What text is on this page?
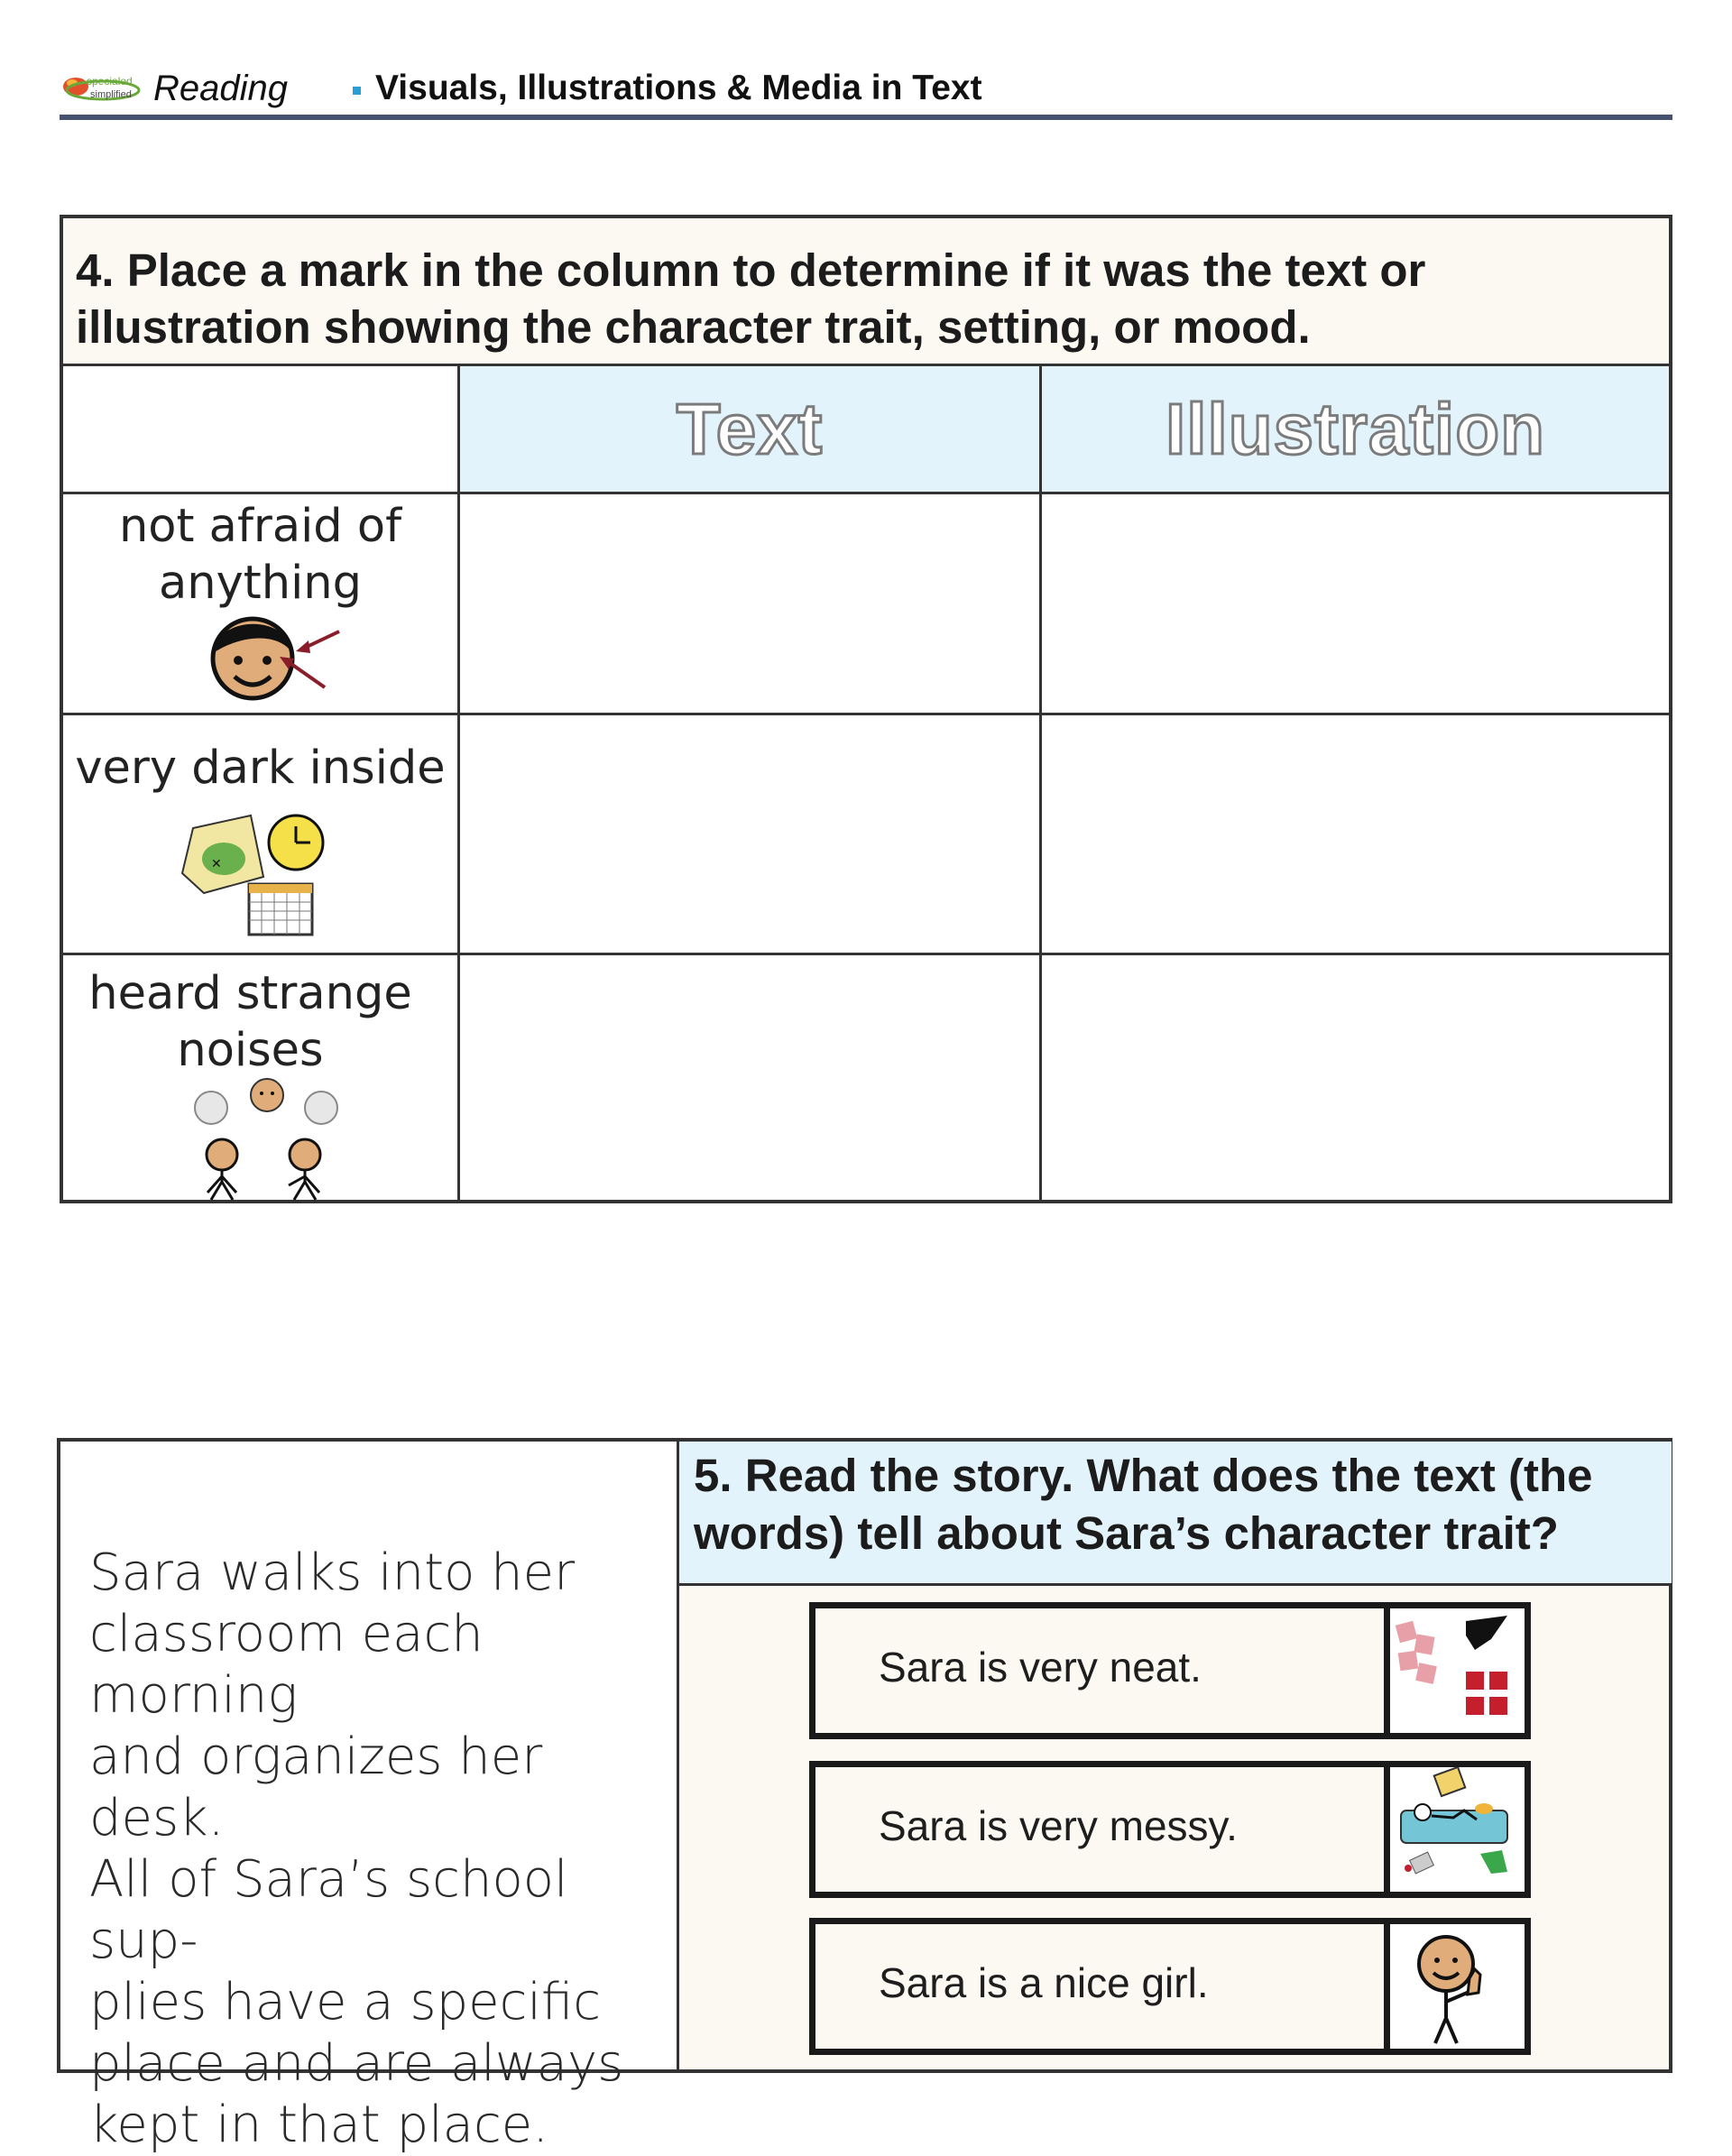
specialed
simplified Reading Visuals, Illustrations & Media in Text
4. Place a mark in the column to determine if it was the text or illustration showing the character trait, setting, or mood.
Text	Illustration
not afraid of
anything
very dark inside
✕
heard strange
noises
Sara walks into her
classroom each morning
and organizes her desk.
All of Sara’s school sup-
plies have a specific
place and are always
kept in that place.
5. Read the story. What does the text (the words) tell about Sara’s character trait?
Sara is very neat.
Sara is very messy.
Sara is a nice girl.
